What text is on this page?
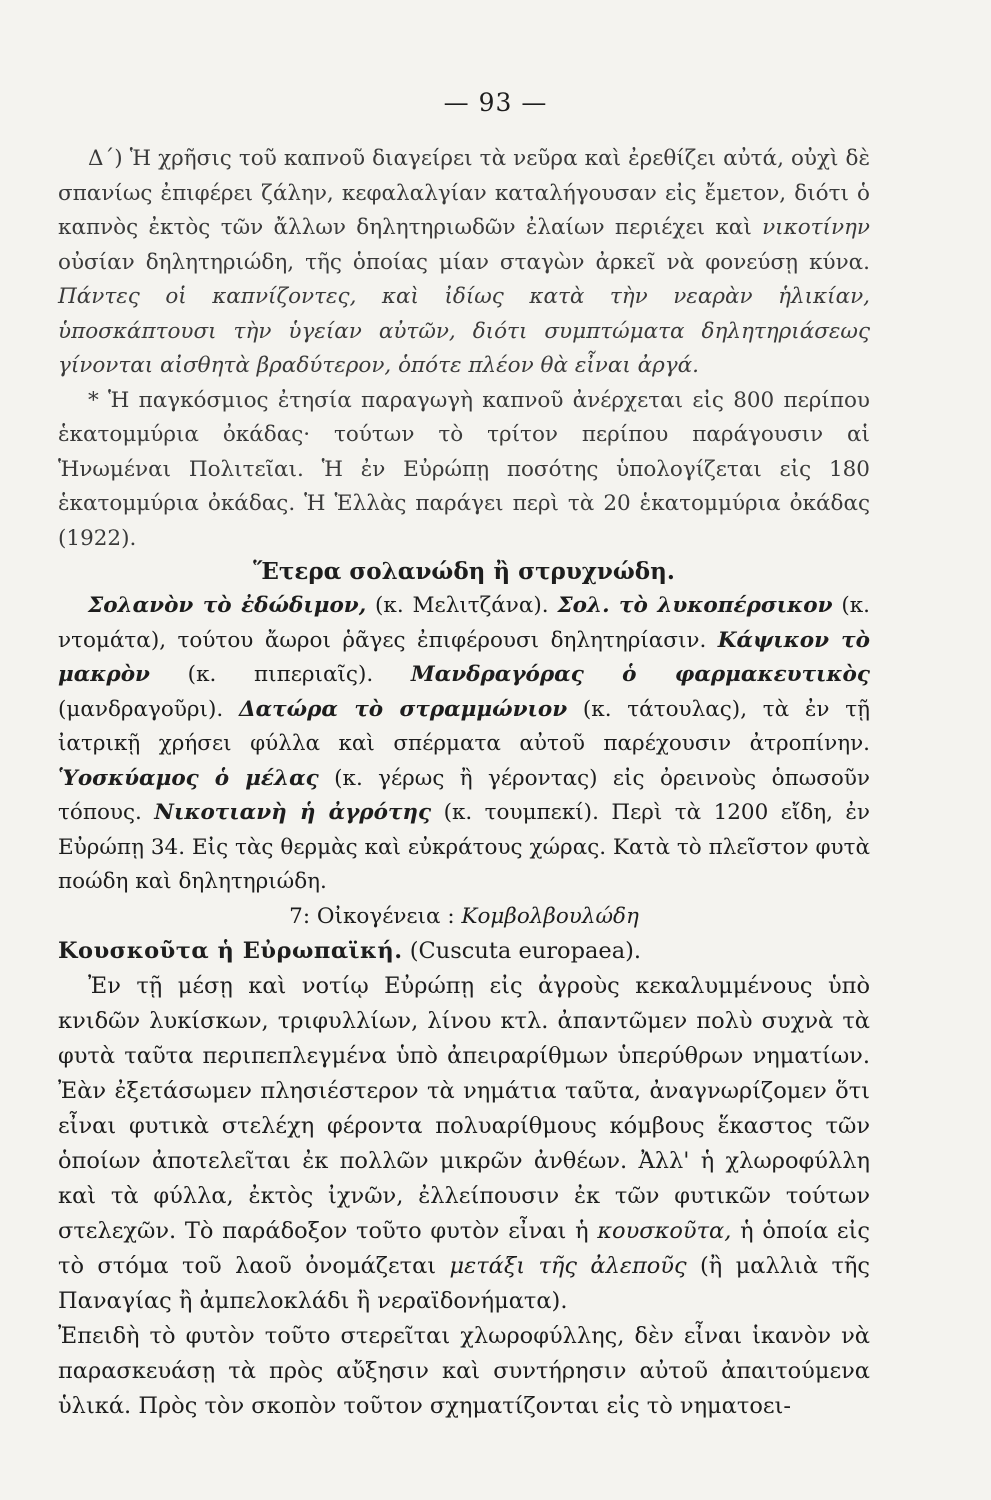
— 93 —

Δ΄) Ἡ χρῆσις τοῦ καπνοῦ διαγείρει τὰ νεῦρα καὶ ἐρεθίζει αὐτά, οὐχὶ δὲ σπανίως ἐπιφέρει ζάλην, κεφαλαλγίαν καταλήγουσαν εἰς ἔμετον, διότι ὁ καπνὸς ἐκτὸς τῶν ἄλλων δηλητηριωδῶν ἐλαίων περιέχει καὶ νικοτίνην οὐσίαν δηλητηριώδη, τῆς ὁποίας μίαν σταγὼν ἀρκεῖ νὰ φονεύσῃ κύνα. Πάντες οἱ καπνίζοντες, καὶ ἰδίως κατὰ τὴν νεαρὰν ἡλικίαν, ὑποσκάπτουσι τὴν ὑγείαν αὐτῶν, διότι συμπτώματα δηλητηριάσεως γίνονται αἰσθητὰ βραδύτερον, ὁπότε πλέον θὰ εἶναι ἀργά.

* Ἡ παγκόσμιος ἐτησία παραγωγὴ καπνοῦ ἀνέρχεται εἰς 800 περίπου ἑκατομμύρια ὀκάδας· τούτων τὸ τρίτον περίπου παράγουσιν αἱ Ἡνωμέναι Πολιτεῖαι. Ἡ ἐν Εὐρώπῃ ποσότης ὑπολογίζεται εἰς 180 ἑκατομμύρια ὀκάδας. Ἡ Ἑλλὰς παράγει περὶ τὰ 20 ἑκατομμύρια ὀκάδας (1922).

Ἕτερα σολανώδη ἢ στρυχνώδη.

Σολανὸν τὸ ἐδώδιμον, (κ. Μελιτζάνα). Σολ. τὸ λυκοπέρσικον (κ. ντομάτα), τούτου ἄωροι ῥᾶγες ἐπιφέρουσι δηλητηρίασιν. Κάψικον τὸ μακρὸν (κ. πιπεριαῖς). Μανδραγόρας ὁ φαρμακευτικὸς (μανδραγοῦρι). Δατώρα τὸ στραμμώνιον (κ. τάτουλας), τὰ ἐν τῇ ἰατρικῇ χρήσει φύλλα καὶ σπέρματα αὐτοῦ παρέχουσιν ἀτροπίνην. Ὑοσκύαμος ὁ μέλας (κ. γέρως ἢ γέροντας) εἰς ὀρεινοὺς ὁπωσοῦν τόπους. Νικοτιανὴ ἡ ἀγρότης (κ. τουμπεκί). Περὶ τὰ 1200 εἴδη, ἐν Εὐρώπῃ 34. Εἰς τὰς θερμὰς καὶ εὐκράτους χώρας. Κατὰ τὸ πλεῖστον φυτὰ ποώδη καὶ δηλητηριώδη.

7: Οἰκογένεια : Κομβολβουλώδη

Κουσκοῦτα ἡ Εὐρωπαϊκή. (Cuscuta europaea).

Ἐν τῇ μέσῃ καὶ νοτίῳ Εὐρώπῃ εἰς ἀγροὺς κεκαλυμμένους ὑπὸ κνιδῶν λυκίσκων, τριφυλλίων, λίνου κτλ. ἀπαντῶμεν πολὺ συχνὰ τὰ φυτὰ ταῦτα περιπεπλεγμένα ὑπὸ ἀπειραρίθμων ὑπερύθρων νηματίων. Ἐὰν ἐξετάσωμεν πλησιέστερον τὰ νημάτια ταῦτα, ἀναγνωρίζομεν ὅτι εἶναι φυτικὰ στελέχη φέροντα πολυαρίθμους κόμβους ἕκαστος τῶν ὁποίων ἀποτελεῖται ἐκ πολλῶν μικρῶν ἀνθέων. Ἀλλ' ἡ χλωροφύλλη καὶ τὰ φύλλα, ἐκτὸς ἰχνῶν, ἐλλείπουσιν ἐκ τῶν φυτικῶν τούτων στελεχῶν. Τὸ παράδοξον τοῦτο φυτὸν εἶναι ἡ κουσκοῦτα, ἡ ὁποία εἰς τὸ στόμα τοῦ λαοῦ ὀνομάζεται μετάξι τῆς ἀλεποῦς (ἢ μαλλιὰ τῆς Παναγίας ἢ ἀμπελοκλάδι ἢ νεραϊδονήματα).

Ἐπειδὴ τὸ φυτὸν τοῦτο στερεῖται χλωροφύλλης, δὲν εἶναι ἱκανὸν νὰ παρασκευάσῃ τὰ πρὸς αὔξησιν καὶ συντήρησιν αὐτοῦ ἀπαιτούμενα ὑλικά. Πρὸς τὸν σκοπὸν τοῦτον σχηματίζονται εἰς τὸ νηματοει-
